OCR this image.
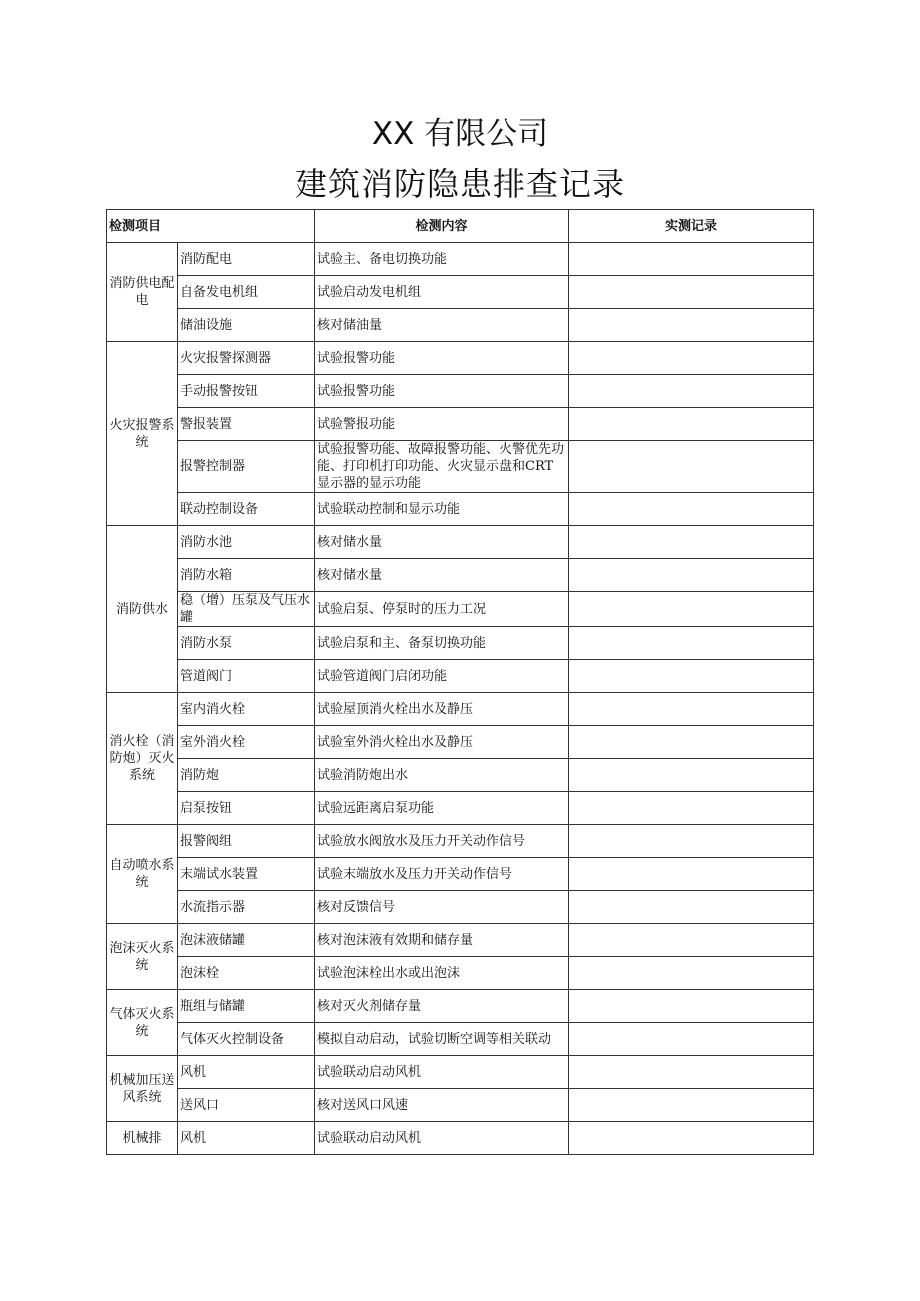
XX 有限公司
建筑消防隐患排查记录
检测项目		检测内容	实测记录
消防供电配电	消防配电	试验主、备电切换功能	
	自备发电机组	试验启动发电机组	
	储油设施	核对储油量	
火灾报警系统	火灾报警探测器	试验报警功能	
	手动报警按钮	试验报警功能	
	警报装置	试验警报功能	
	报警控制器	试验报警功能、故障报警功能、火警优先功能、打印机打印功能、火灾显示盘和CRT显示器的显示功能	
	联动控制设备	试验联动控制和显示功能	
消防供水	消防水池	核对储水量	
	消防水箱	核对储水量	
	稳（增）压泵及气压水罐	试验启泵、停泵时的压力工况	
	消防水泵	试验启泵和主、备泵切换功能	
	管道阀门	试验管道阀门启闭功能	
消火栓（消防炮）灭火系统	室内消火栓	试验屋顶消火栓出水及静压	
	室外消火栓	试验室外消火栓出水及静压	
	消防炮	试验消防炮出水	
	启泵按钮	试验远距离启泵功能	
自动喷水系统	报警阀组	试验放水阀放水及压力开关动作信号	
	末端试水装置	试验末端放水及压力开关动作信号	
	水流指示器	核对反馈信号	
泡沫灭火系统	泡沫液储罐	核对泡沫液有效期和储存量	
	泡沫栓	试验泡沫栓出水或出泡沫	
气体灭火系统	瓶组与储罐	核对灭火剂储存量	
	气体灭火控制设备	模拟自动启动，试验切断空调等相关联动	
机械加压送风系统	风机	试验联动启动风机	
	送风口	核对送风口风速	
机械排	风机	试验联动启动风机	
